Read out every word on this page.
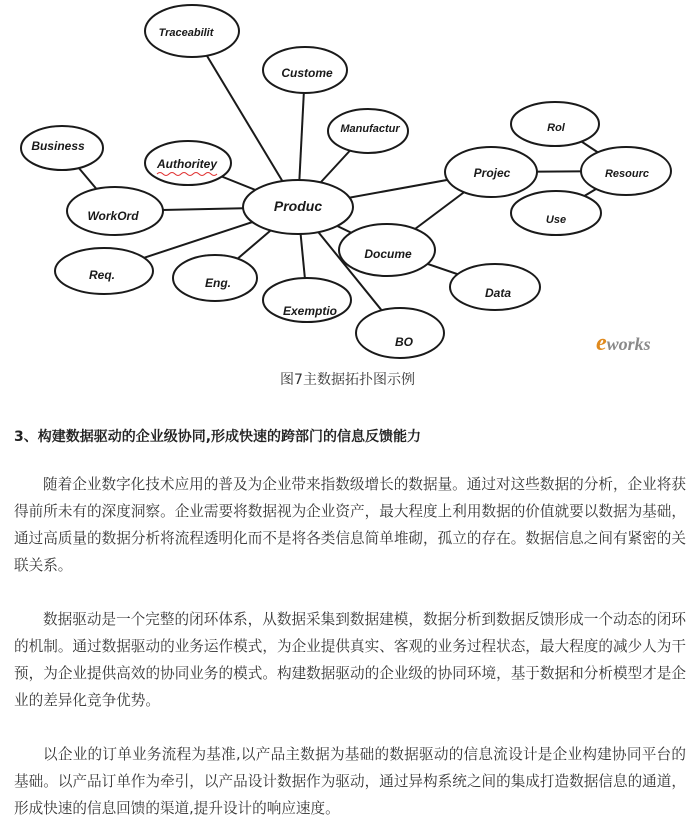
Traceabilit
Custome
Manufactur
Authoritey
Business
WorkOrd
Req.
Eng.
Exemptio
BO
Docume
Data
Projec	Resourc
Rol
Use
Produc
eworks
图7主数据拓扑图示例
3、构建数据驱动的企业级协同,形成快速的跨部门的信息反馈能力

随着企业数字化技术应用的普及为企业带来指数级增长的数据量。通过对这些数据的分析，企业将获得前所未有的深度洞察。企业需要将数据视为企业资产，最大程度上利用数据的价值就要以数据为基础，通过高质量的数据分析将流程透明化而不是将各类信息简单堆砌，孤立的存在。数据信息之间有紧密的关联关系。

数据驱动是一个完整的闭环体系，从数据采集到数据建模，数据分析到数据反馈形成一个动态的闭环的机制。通过数据驱动的业务运作模式，为企业提供真实、客观的业务过程状态，最大程度的减少人为干预，为企业提供高效的协同业务的模式。构建数据驱动的企业级的协同环境，基于数据和分析模型才是企业的差异化竞争优势。

以企业的订单业务流程为基准,以产品主数据为基础的数据驱动的信息流设计是企业构建协同平台的基础。以产品订单作为牵引，以产品设计数据作为驱动，通过异构系统之间的集成打造数据信息的通道，形成快速的信息回馈的渠道,提升设计的响应速度。
